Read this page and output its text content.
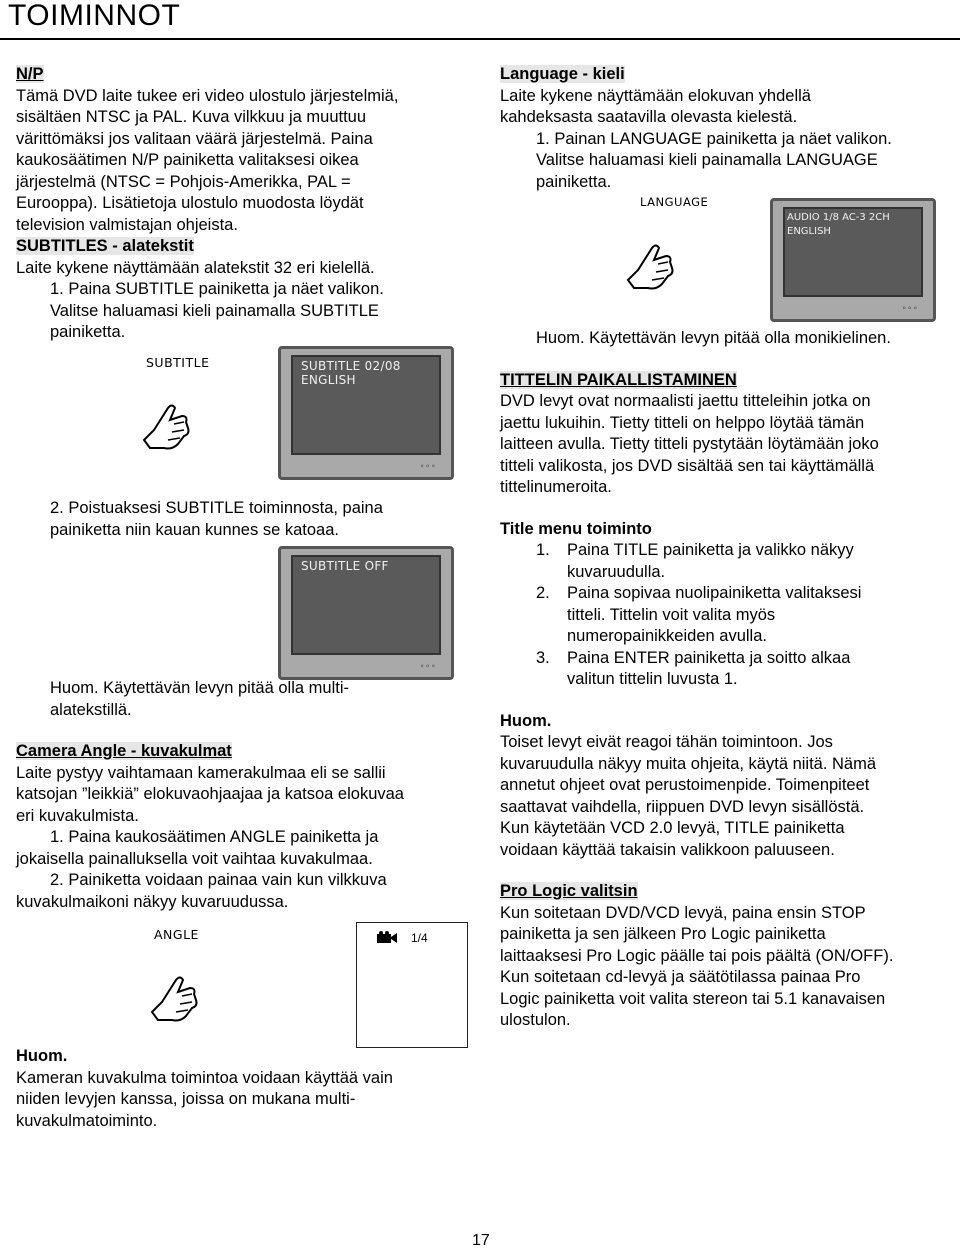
TOIMINNOT

N/P

Tämä DVD laite tukee eri video ulostulo järjestelmiä,

sisältäen NTSC ja PAL. Kuva vilkkuu ja muuttuu

värittömäksi jos valitaan väärä järjestelmä. Paina

kaukosäätimen N/P painiketta valitaksesi oikea

järjestelmä (NTSC = Pohjois-Amerikka, PAL =

Eurooppa). Lisätietoja ulostulo muodosta löydät

television valmistajan ohjeista.

SUBTITLES - alatekstit

Laite kykene näyttämään alatekstit 32 eri kielellä.

1. Paina SUBTITLE painiketta ja näet valikon.

Valitse haluamasi kieli painamalla SUBTITLE

painiketta.

SUBTITLE	SUBTITLE 02/08 ENGLISH
◦◦◦

2. Poistuaksesi SUBTITLE toiminnosta, paina

painiketta niin kauan kunnes se katoaa.

SUBTITLE OFF
◦◦◦

Huom. Käytettävän levyn pitää olla multi-

alatekstillä.

Camera Angle - kuvakulmat

Laite pystyy vaihtamaan kamerakulmaa eli se sallii

katsojan ”leikkiä” elokuvaohjaajaa ja katsoa elokuvaa

eri kuvakulmista.

1. Paina kaukosäätimen ANGLE painiketta ja

jokaisella painalluksella voit vaihtaa kuvakulmaa.

2. Painiketta voidaan painaa vain kun vilkkuva

kuvakulmaikoni näkyy kuvaruudussa.

ANGLE	1/4

Huom.

Kameran kuvakulma toimintoa voidaan käyttää vain

niiden levyjen kanssa, joissa on mukana multi-

kuvakulmatoiminto.

Language - kieli

Laite kykene näyttämään elokuvan yhdellä

kahdeksasta saatavilla olevasta kielestä.

1. Painan LANGUAGE painiketta ja näet valikon.

Valitse haluamasi kieli painamalla LANGUAGE

painiketta.

LANGUAGE
AUDIO 1/8 AC-3 2CH ENGLISH
◦◦◦

Huom. Käytettävän levyn pitää olla monikielinen.

TITTELIN PAIKALLISTAMINEN

DVD levyt ovat normaalisti jaettu titteleihin jotka on

jaettu lukuihin. Tietty titteli on helppo löytää tämän

laitteen avulla. Tietty titteli pystytään löytämään joko

titteli valikosta, jos DVD sisältää sen tai käyttämällä

tittelinumeroita.

Title menu toiminto

1. Paina TITLE painiketta ja valikko näkyy
kuvaruudulla.
2. Paina sopivaa nuolipainiketta valitaksesi
titteli. Tittelin voit valita myös
numeropainikkeiden avulla.
3. Paina ENTER painiketta ja soitto alkaa
valitun tittelin luvusta 1.

Huom.

Toiset levyt eivät reagoi tähän toimintoon. Jos

kuvaruudulla näkyy muita ohjeita, käytä niitä. Nämä

annetut ohjeet ovat perustoimenpide. Toimenpiteet

saattavat vaihdella, riippuen DVD levyn sisällöstä.

Kun käytetään VCD 2.0 levyä, TITLE painiketta

voidaan käyttää takaisin valikkoon paluuseen.

Pro Logic valitsin

Kun soitetaan DVD/VCD levyä, paina ensin STOP

painiketta ja sen jälkeen Pro Logic painiketta

laittaaksesi Pro Logic päälle tai pois päältä (ON/OFF).

Kun soitetaan cd-levyä ja säätötilassa painaa Pro

Logic painiketta voit valita stereon tai 5.1 kanavaisen

ulostulon.

17
